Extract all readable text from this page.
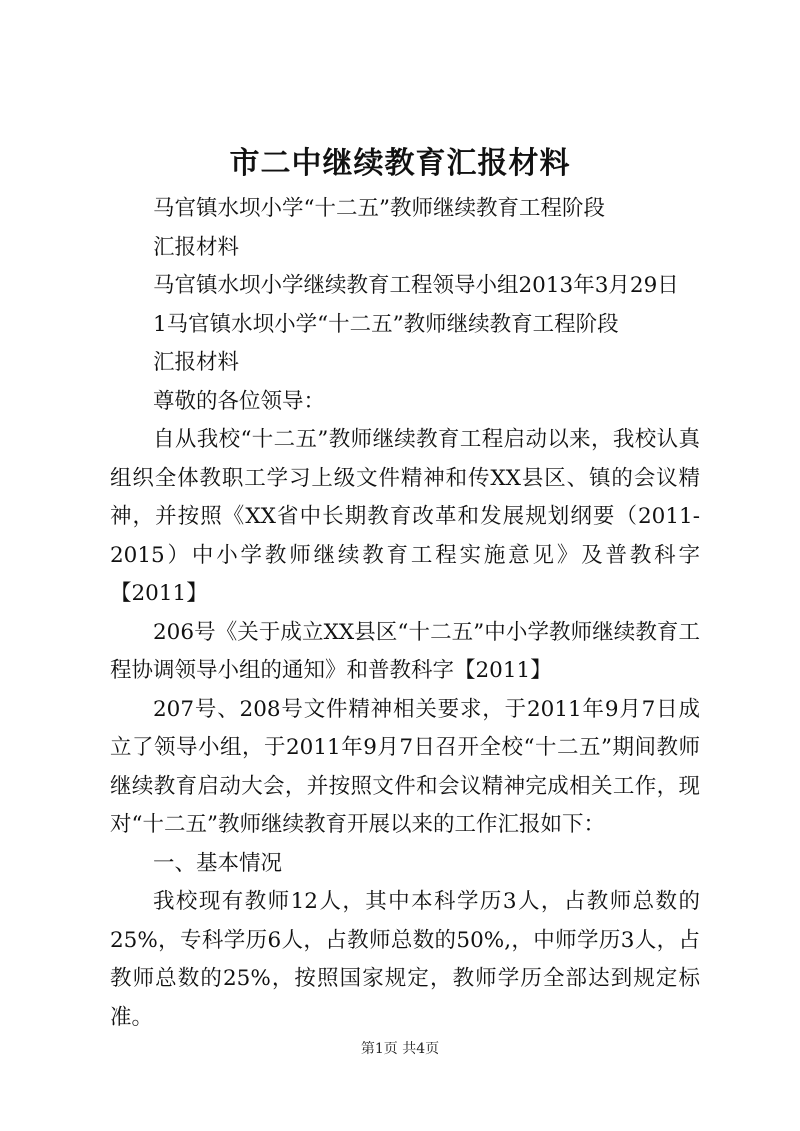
市二中继续教育汇报材料

马官镇水坝小学“十二五”教师继续教育工程阶段

汇报材料

马官镇水坝小学继续教育工程领导小组2013年3月29日

1马官镇水坝小学“十二五”教师继续教育工程阶段

汇报材料

尊敬的各位领导：

自从我校“十二五”教师继续教育工程启动以来，我校认真组织全体教职工学习上级文件精神和传XX县区、镇的会议精神，并按照《XX省中长期教育改革和发展规划纲要（2011-2015）中小学教师继续教育工程实施意见》及普教科字【2011】

206号《关于成立XX县区“十二五”中小学教师继续教育工程协调领导小组的通知》和普教科字【2011】

207号、208号文件精神相关要求，于2011年9月7日成立了领导小组，于2011年9月7日召开全校“十二五”期间教师继续教育启动大会，并按照文件和会议精神完成相关工作，现对“十二五”教师继续教育开展以来的工作汇报如下：

一、基本情况

我校现有教师12人，其中本科学历3人，占教师总数的25%，专科学历6人，占教师总数的50%,，中师学历3人，占教师总数的25%，按照国家规定，教师学历全部达到规定标准。

第1页 共4页
